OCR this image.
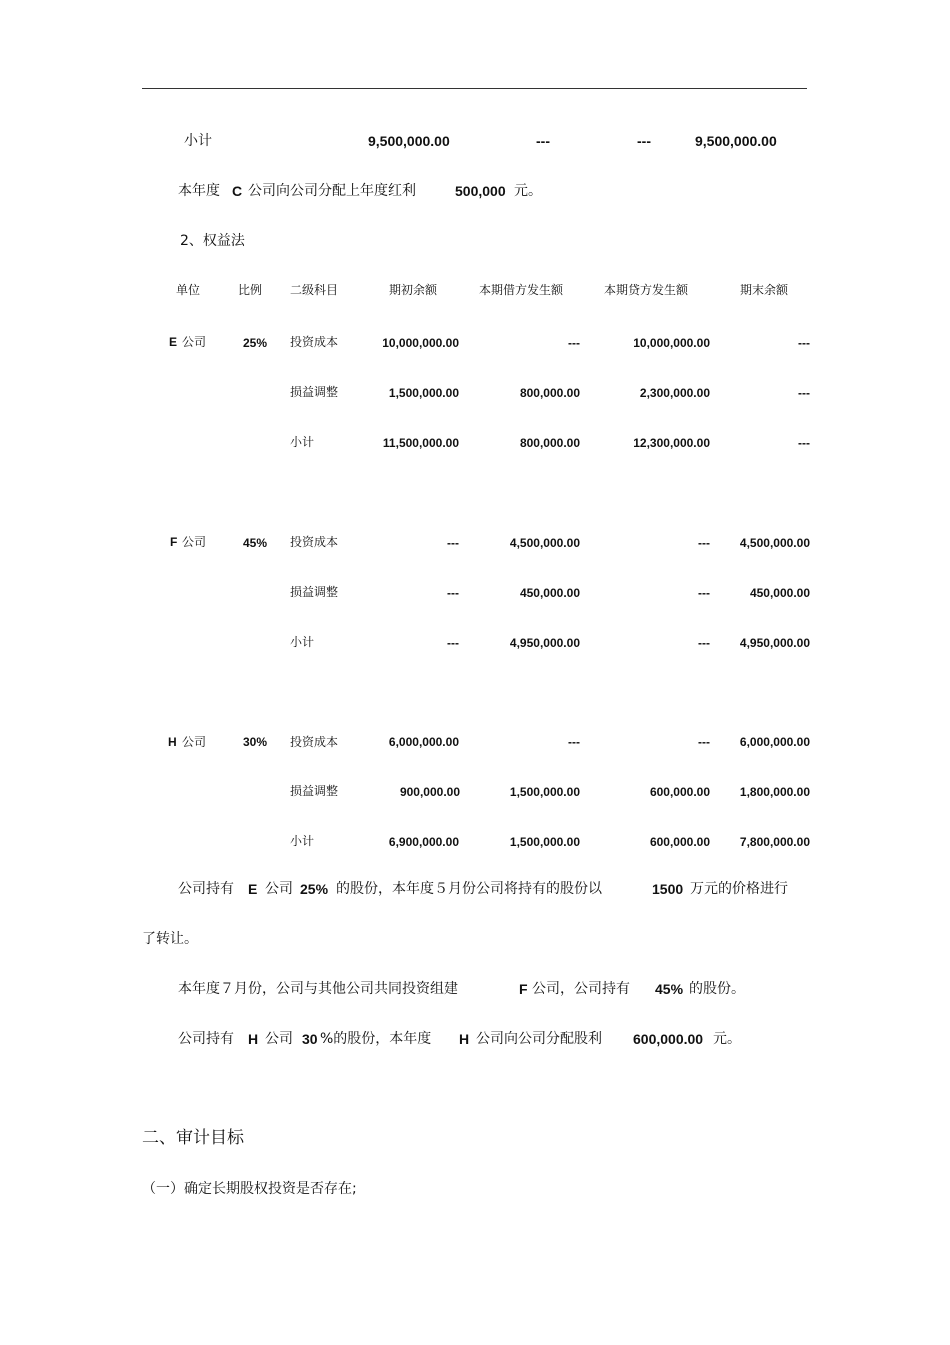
小计	9,500,000.00	---	---	9,500,000.00
本年度 C 公司向公司分配上年度红利	500,000 元。
2、权益法
单位	比例 二级科目	期初余额	本期借方发生额	本期贷方发生额	期末余额
E 公司	25% 投资成本	10,000,000.00	---	10,000,000.00	---
损益调整	1,500,000.00	800,000.00	2,300,000.00	---
小计	11,500,000.00	800,000.00	12,300,000.00	---
F 公司	45% 投资成本	---	4,500,000.00	---	4,500,000.00
损益调整	---	450,000.00	---	450,000.00
小计	---	4,950,000.00	---	4,950,000.00
H 公司	30% 投资成本	6,000,000.00	---	---	6,000,000.00
损益调整	900,000.00	1,500,000.00	600,000.00	1,800,000.00
小计	6,900,000.00	1,500,000.00	600,000.00	7,800,000.00
公司持有 E 公司 25% 的股份，本年度５月份公司将持有的股份以	1500 万元的价格进行
了转让。
本年度７月份，公司与其他公司共同投资组建	F 公司，公司持有 45% 的股份。
公司持有 H 公司 30 %的股份，本年度 H 公司向公司分配股利 600,000.00 元。
二、审计目标
（一）确定长期股权投资是否存在;
